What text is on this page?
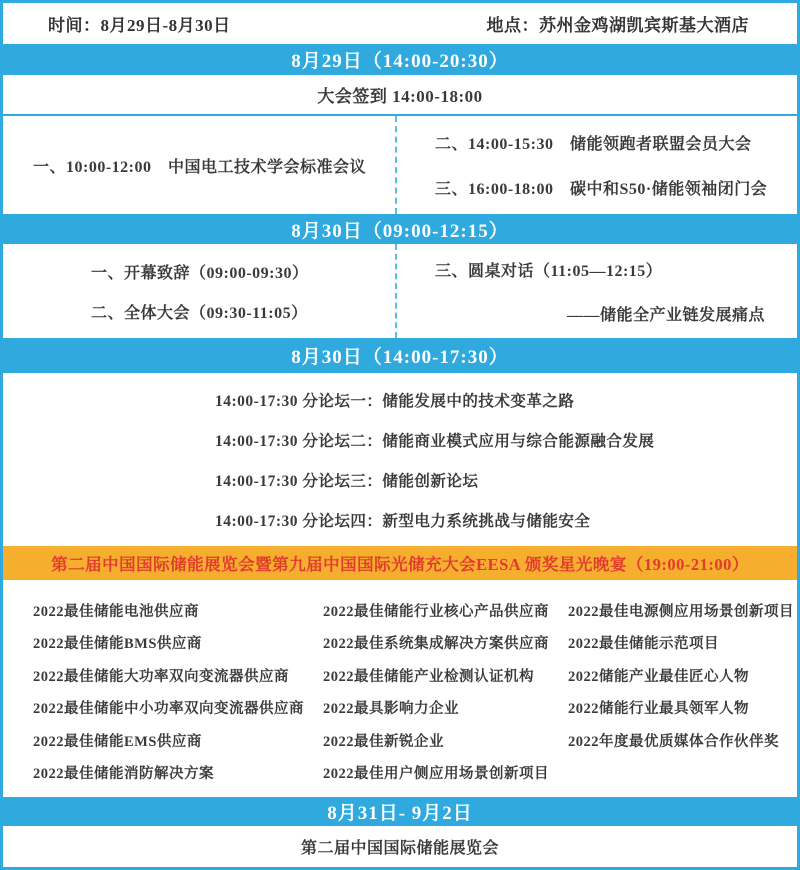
时间：8月29日-8月30日	地点：苏州金鸡湖凯宾斯基大酒店
8月29日（14:00-20:30）
大会签到 14:00-18:00
一、10:00-12:00　中国电工技术学会标准会议
二、14:00-15:30　储能领跑者联盟会员大会
三、16:00-18:00　碳中和S50·储能领袖闭门会
8月30日（09:00-12:15）
一、开幕致辞（09:00-09:30）
二、全体大会（09:30-11:05）
三、圆桌对话（11:05—12:15）
——储能全产业链发展痛点
8月30日（14:00-17:30）
14:00-17:30 分论坛一：储能发展中的技术变革之路
14:00-17:30 分论坛二：储能商业模式应用与综合能源融合发展
14:00-17:30 分论坛三：储能创新论坛
14:00-17:30 分论坛四：新型电力系统挑战与储能安全
第二届中国国际储能展览会暨第九届中国国际光储充大会EESA 颁奖星光晚宴（19:00-21:00）
2022最佳储能电池供应商
2022最佳储能BMS供应商
2022最佳储能大功率双向变流器供应商
2022最佳储能中小功率双向变流器供应商
2022最佳储能EMS供应商
2022最佳储能消防解决方案
2022最佳储能行业核心产品供应商
2022最佳系统集成解决方案供应商
2022最佳储能产业检测认证机构
2022最具影响力企业
2022最佳新锐企业
2022最佳用户侧应用场景创新项目
2022最佳电源侧应用场景创新项目
2022最佳储能示范项目
2022储能产业最佳匠心人物
2022储能行业最具领军人物
2022年度最优质媒体合作伙伴奖
8月31日- 9月2日
第二届中国国际储能展览会
